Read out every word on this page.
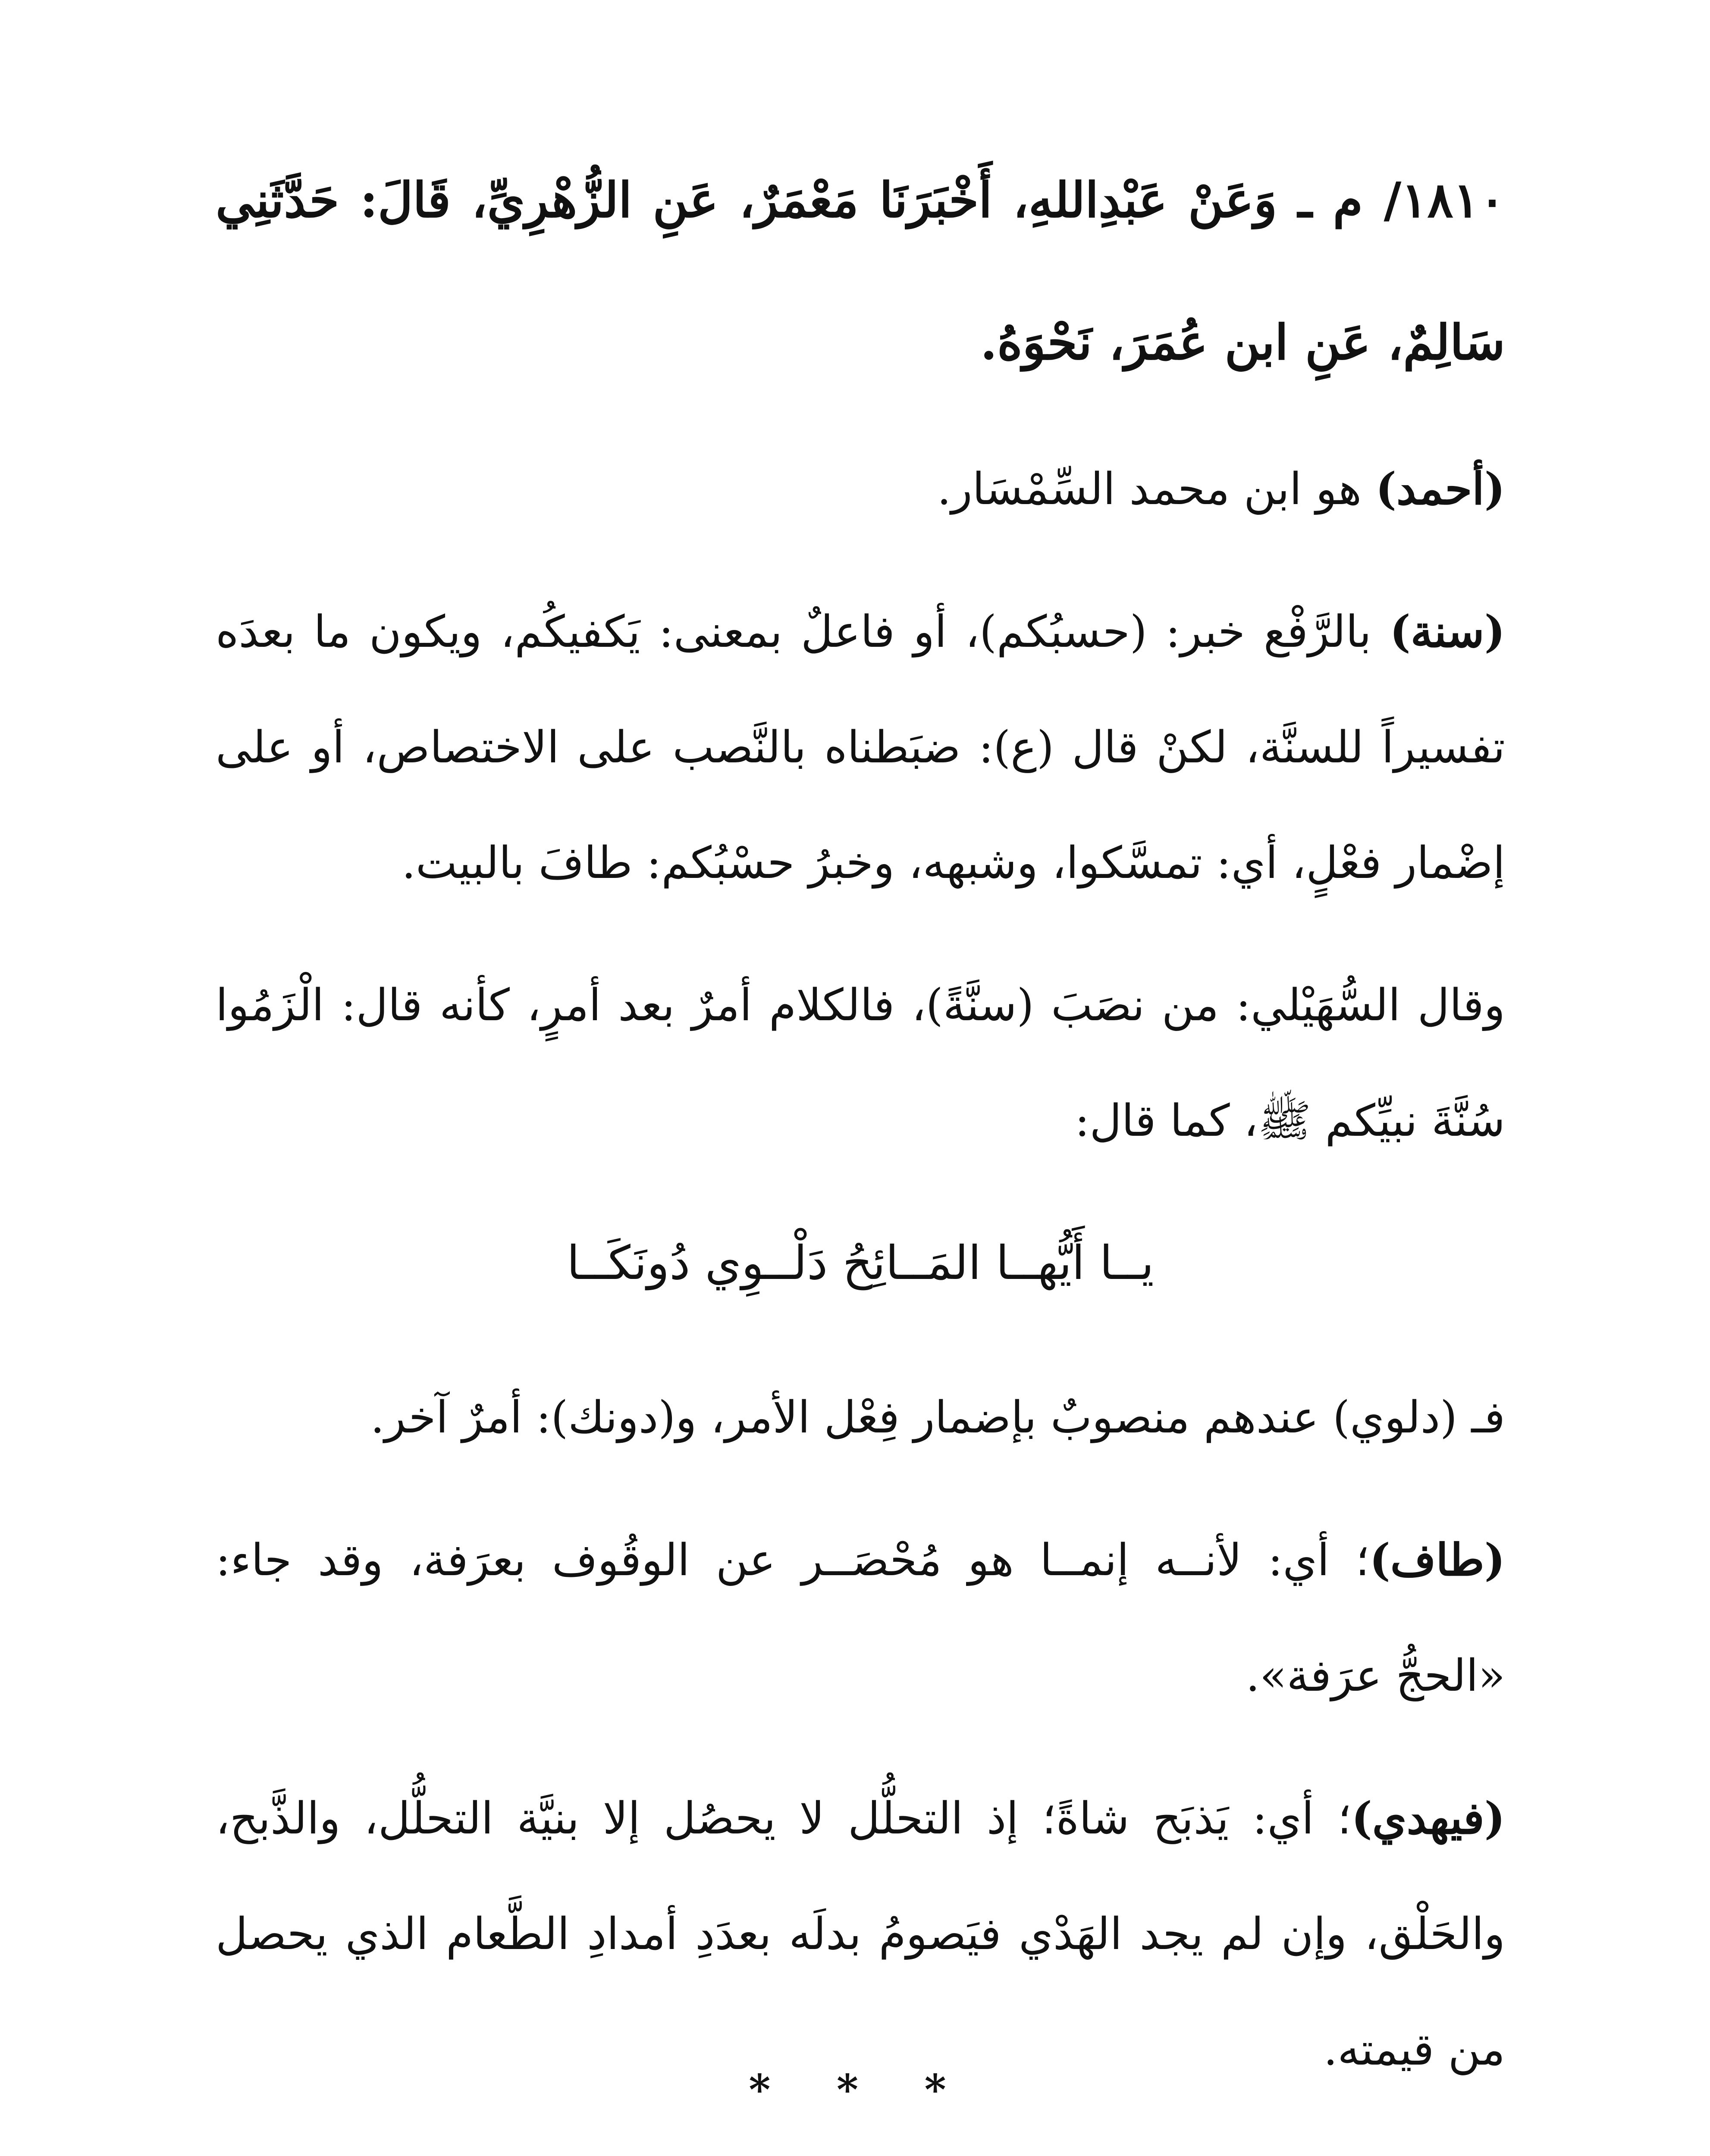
١٨١٠/ م ـ وَعَنْ عَبْدِاللهِ، أَخْبَرَنَا مَعْمَرٌ، عَنِ الزُّهْرِيِّ، قَالَ: حَدَّثَنِي سَالِمٌ، عَنِ ابن عُمَرَ، نَحْوَهُ.

(أحمد) هو ابن محمد السِّمْسَار.

(سنة) بالرَّفْع خبر: (حسبُكم)، أو فاعلٌ بمعنى: يَكفيكُم، ويكون ما بعدَه تفسيراً للسنَّة، لكنْ قال (ع): ضبَطناه بالنَّصب على الاختصاص، أو على إضْمار فعْلٍ، أي: تمسَّكوا، وشبهه، وخبرُ حسْبُكم: طافَ بالبيت.

وقال السُّهَيْلي: من نصَبَ (سنَّةً)، فالكلام أمرٌ بعد أمرٍ، كأنه قال: الْزَمُوا سُنَّةَ نبيِّكم ﷺ، كما قال:

يــا أَيُّهــا المَــائِحُ دَلْــوِي دُونَكَــا

فـ (دلوي) عندهم منصوبٌ بإضمار فِعْل الأمر، و(دونك): أمرٌ آخر.

(طاف)؛ أي: لأنــه إنمــا هو مُحْصَــر عن الوقُوف بعرَفة، وقد جاء: «الحجُّ عرَفة».

(فيهدي)؛ أي: يَذبَح شاةً؛ إذ التحلُّل لا يحصُل إلا بنيَّة التحلُّل، والذَّبح، والحَلْق، وإن لم يجد الهَدْي فيَصومُ بدلَه بعدَدِ أمدادِ الطَّعام الذي يحصل من قيمته.

* * *
